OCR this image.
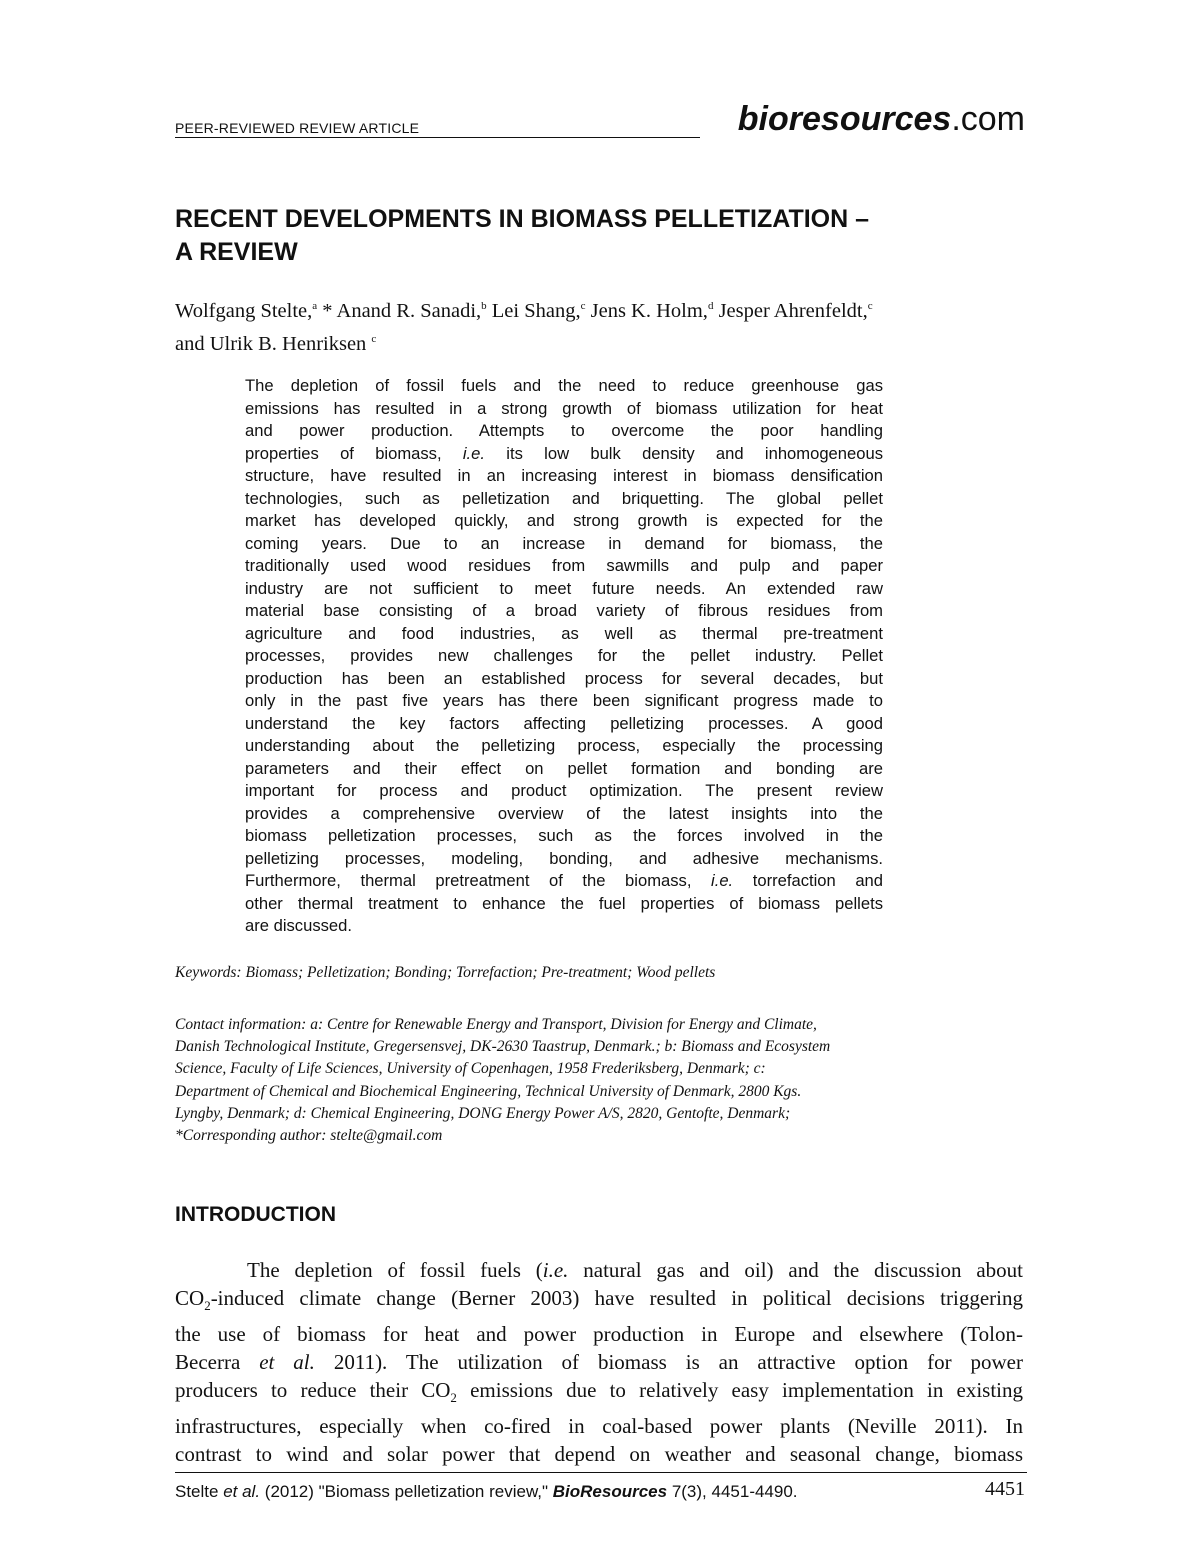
PEER-REVIEWED REVIEW ARTICLE	bioresources.com
RECENT DEVELOPMENTS IN BIOMASS PELLETIZATION –
A REVIEW
Wolfgang Stelte,$^a$ * Anand R. Sanadi,$^b$ Lei Shang,$^c$ Jens K. Holm,$^d$ Jesper Ahrenfeldt,$^c$
and Ulrik B. Henriksen $^c$
The depletion of fossil fuels and the need to reduce greenhouse gas
emissions has resulted in a strong growth of biomass utilization for heat
and power production. Attempts to overcome the poor handling
properties of biomass, i.e. its low bulk density and inhomogeneous
structure, have resulted in an increasing interest in biomass densification
technologies, such as pelletization and briquetting. The global pellet
market has developed quickly, and strong growth is expected for the
coming years. Due to an increase in demand for biomass, the
traditionally used wood residues from sawmills and pulp and paper
industry are not sufficient to meet future needs. An extended raw
material base consisting of a broad variety of fibrous residues from
agriculture and food industries, as well as thermal pre-treatment
processes, provides new challenges for the pellet industry. Pellet
production has been an established process for several decades, but
only in the past five years has there been significant progress made to
understand the key factors affecting pelletizing processes. A good
understanding about the pelletizing process, especially the processing
parameters and their effect on pellet formation and bonding are
important for process and product optimization. The present review
provides a comprehensive overview of the latest insights into the
biomass pelletization processes, such as the forces involved in the
pelletizing processes, modeling, bonding, and adhesive mechanisms.
Furthermore, thermal pretreatment of the biomass, i.e. torrefaction and
other thermal treatment to enhance the fuel properties of biomass pellets
are discussed.
Keywords: Biomass; Pelletization; Bonding; Torrefaction; Pre-treatment; Wood pellets
Contact information: a: Centre for Renewable Energy and Transport, Division for Energy and Climate,
Danish Technological Institute, Gregersensvej, DK-2630 Taastrup, Denmark.; b: Biomass and Ecosystem
Science, Faculty of Life Sciences, University of Copenhagen, 1958 Frederiksberg, Denmark; c:
Department of Chemical and Biochemical Engineering, Technical University of Denmark, 2800 Kgs.
Lyngby, Denmark; d: Chemical Engineering, DONG Energy Power A/S, 2820, Gentofte, Denmark;
*Corresponding author: stelte@gmail.com
INTRODUCTION
The depletion of fossil fuels (i.e. natural gas and oil) and the discussion about
$CO_2$-induced climate change (Berner 2003) have resulted in political decisions triggering
the use of biomass for heat and power production in Europe and elsewhere (Tolon-
Becerra et al. 2011). The utilization of biomass is an attractive option for power
producers to reduce their $CO_2$ emissions due to relatively easy implementation in existing
infrastructures, especially when co-fired in coal-based power plants (Neville 2011). In
contrast to wind and solar power that depend on weather and seasonal change, biomass
Stelte et al. (2012) "Biomass pelletization review," BioResources 7(3), 4451-4490.	4451
